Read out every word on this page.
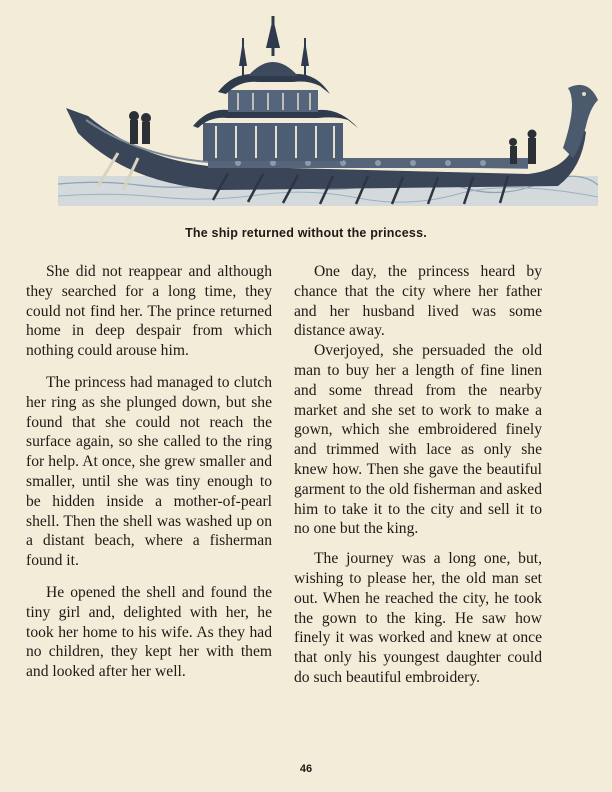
The ship returned without the princess.

She did not reappear and although they searched for a long time, they could not find her. The prince returned home in deep despair from which nothing could arouse him.

The princess had managed to clutch her ring as she plunged down, but she found that she could not reach the surface again, so she called to the ring for help. At once, she grew smaller and smaller, until she was tiny enough to be hidden inside a mother-of-pearl shell. Then the shell was washed up on a distant beach, where a fisherman found it.

He opened the shell and found the tiny girl and, delighted with her, he took her home to his wife. As they had no children, they kept her with them and looked after her well.

One day, the princess heard by chance that the city where her father and her husband lived was some distance away.

Overjoyed, she persuaded the old man to buy her a length of fine linen and some thread from the nearby market and she set to work to make a gown, which she embroidered finely and trimmed with lace as only she knew how. Then she gave the beautiful garment to the old fisherman and asked him to take it to the city and sell it to no one but the king.

The journey was a long one, but, wishing to please her, the old man set out. When he reached the city, he took the gown to the king. He saw how finely it was worked and knew at once that only his youngest daughter could do such beautiful embroidery.

46
